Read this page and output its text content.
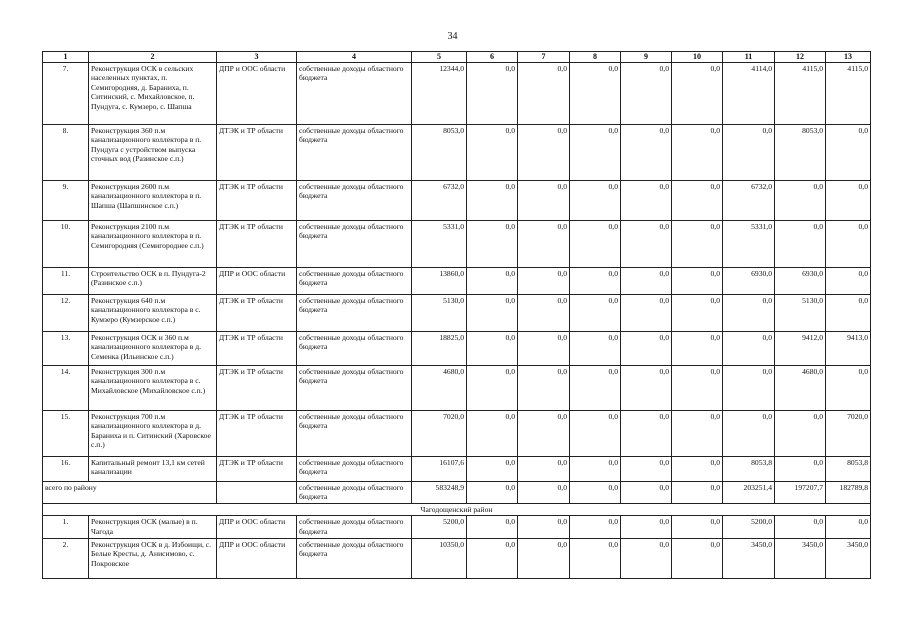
34
1	2	3	4	5	6	7	8	9	10	11	12	13
7.	Реконструкция ОСК в сельских населенных пунктах, п. Семигородняя, д. Бараниха, п. Ситинский, с. Михайловское, п. Пундуга, с. Кумзеро, с. Шапша	ДПР и ООС области	собственные доходы областного бюджета	12344,0	0,0	0,0	0,0	0,0	0,0	4114,0	4115,0	4115,0
8.	Реконструкция 360 п.м канализационного коллектора в п. Пундуга с устройством выпуска сточных вод (Разинское с.п.)	ДТЭК и ТР области	собственные доходы областного бюджета	8053,0	0,0	0,0	0,0	0,0	0,0	0,0	8053,0	0,0
9.	Реконструкция 2600 п.м канализационного коллектора в п. Шапша (Шапшинское с.п.)	ДТЭК и ТР области	собственные доходы областного бюджета	6732,0	0,0	0,0	0,0	0,0	0,0	6732,0	0,0	0,0
10.	Реконструкция 2100 п.м канализационного коллектора в п. Семигородняя (Семигороднее с.п.)	ДТЭК и ТР области	собственные доходы областного бюджета	5331,0	0,0	0,0	0,0	0,0	0,0	5331,0	0,0	0,0
11.	Строительство ОСК в п. Пундуга-2 (Разинское с.п.)	ДПР и ООС области	собственные доходы областного бюджета	13860,0	0,0	0,0	0,0	0,0	0,0	6930,0	6930,0	0,0
12.	Реконструкция 640 п.м канализационного коллектора в с. Кумзеро (Кумзерское с.п.)	ДТЭК и ТР области	собственные доходы областного бюджета	5130,0	0,0	0,0	0,0	0,0	0,0	0,0	5130,0	0,0
13.	Реконструкция ОСК и 360 п.м канализационного коллектора в д. Семенка (Ильинское с.п.)	ДТЭК и ТР области	собственные доходы областного бюджета	18825,0	0,0	0,0	0,0	0,0	0,0	0,0	9412,0	9413,0
14.	Реконструкция 300 п.м канализационного коллектора в с. Михайловское (Михайловское с.п.)	ДТЭК и ТР области	собственные доходы областного бюджета	4680,0	0,0	0,0	0,0	0,0	0,0	0,0	4680,0	0,0
15.	Реконструкция 700 п.м канализационного коллектора в д. Бараниха и п. Ситинский (Харовское с.п.)	ДТЭК и ТР области	собственные доходы областного бюджета	7020,0	0,0	0,0	0,0	0,0	0,0	0,0	0,0	7020,0
16.	Капитальный ремонт 13,1 км сетей канализации	ДТЭК и ТР области	собственные доходы областного бюджета	16107,6	0,0	0,0	0,0	0,0	0,0	8053,8	0,0	8053,8
всего по району			собственные доходы областного бюджета	583248,9	0,0	0,0	0,0	0,0	0,0	203251,4	197207,7	182789,8
Чагодощенский район												
1.	Реконструкция ОСК (малые) в п. Чагода	ДПР и ООС области	собственные доходы областного бюджета	5200,0	0,0	0,0	0,0	0,0	0,0	5200,0	0,0	0,0
2.	Реконструкция ОСК в д. Избоищи, с. Белые Кресты, д. Анисимово, с. Покровское	ДПР и ООС области	собственные доходы областного бюджета	10350,0	0,0	0,0	0,0	0,0	0,0	3450,0	3450,0	3450,0
